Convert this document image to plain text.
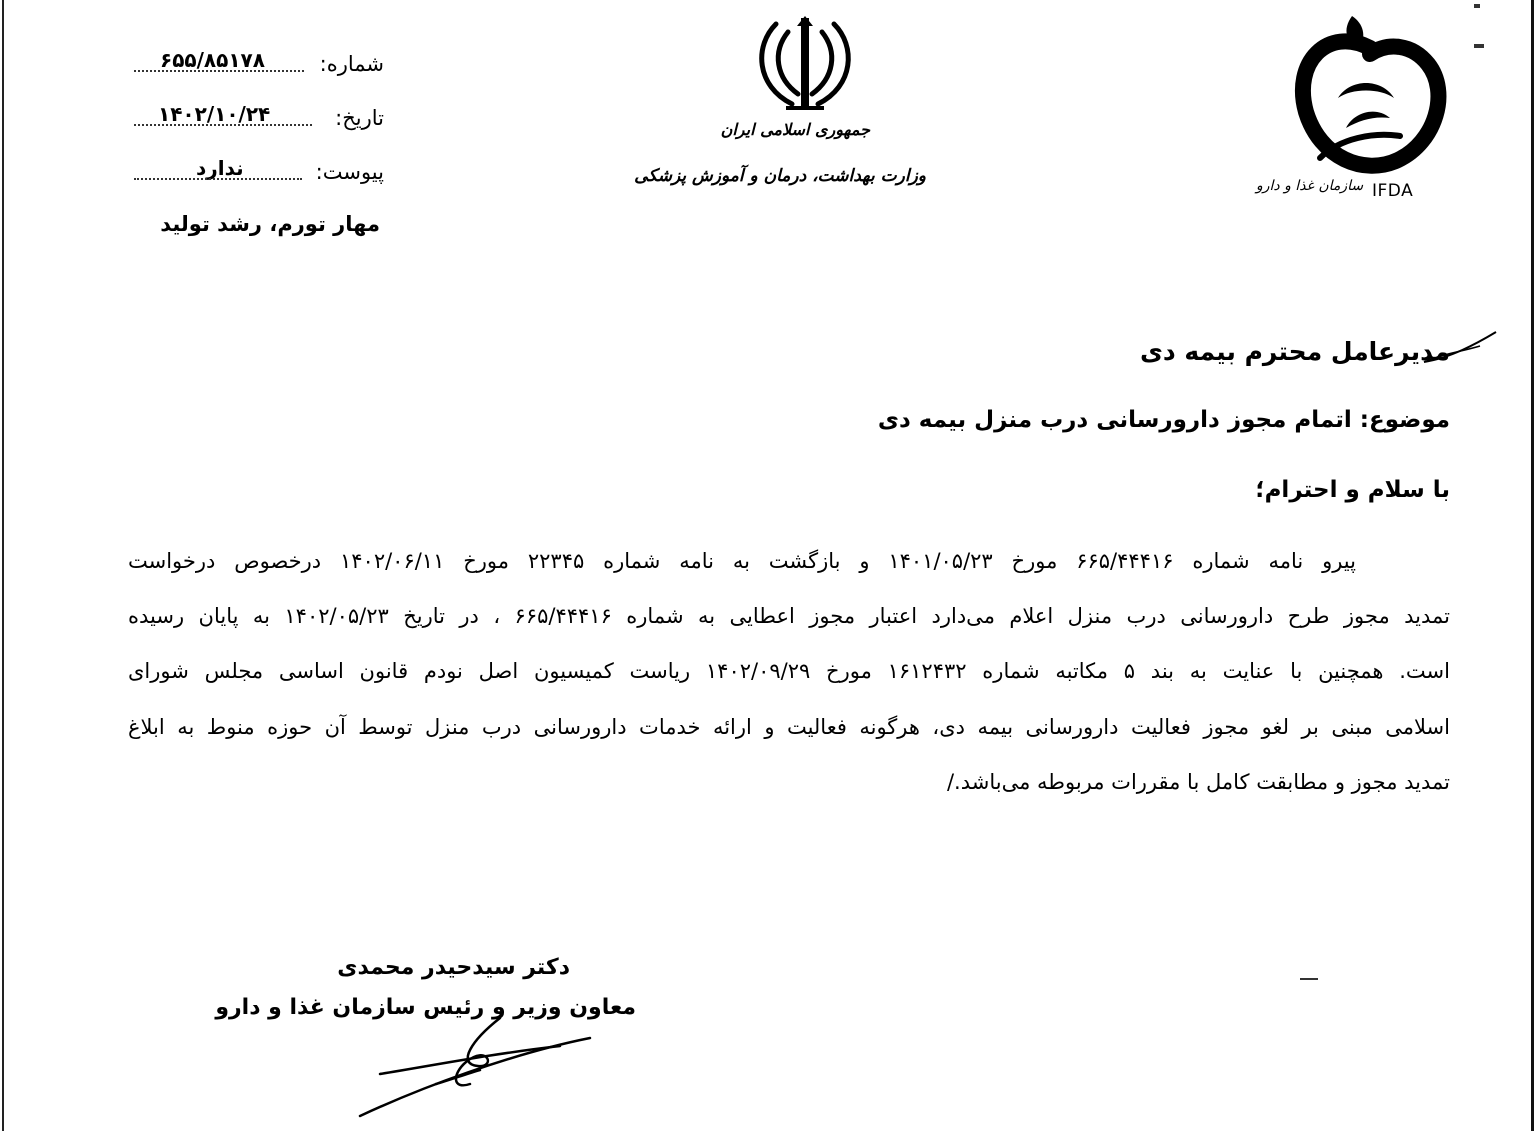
شماره:
۶۵۵/۸۵۱۷۸
تاریخ:
۱۴۰۲/۱۰/۲۴
پیوست:
ندارد
مهار تورم، رشد تولید
جمهوری اسلامی ایران
وزارت بهداشت، درمان و آموزش پزشکی	سازمان غذا و دارو IFDA
مدیرعامل محترم بیمه دی
موضوع: اتمام مجوز دارورسانی درب منزل بیمه دی
با سلام و احترام؛
پیرو نامه شماره ۶۶۵/۴۴۴۱۶ مورخ ۱۴۰۱/۰۵/۲۳ و بازگشت به نامه شماره ۲۲۳۴۵ مورخ ۱۴۰۲/۰۶/۱۱ درخصوص درخواست
تمدید مجوز طرح دارورسانی درب منزل اعلام می‌دارد اعتبار مجوز اعطایی به شماره ۶۶۵/۴۴۴۱۶ ، در تاریخ ۱۴۰۲/۰۵/۲۳ به پایان رسیده
است. همچنین با عنایت به بند ۵ مکاتبه شماره ۱۶۱۲۴۳۲ مورخ ۱۴۰۲/۰۹/۲۹ ریاست کمیسیون اصل نودم قانون اساسی مجلس شورای
اسلامی مبنی بر لغو مجوز فعالیت دارورسانی بیمه دی، هرگونه فعالیت و ارائه خدمات دارورسانی درب منزل توسط آن حوزه منوط به ابلاغ
تمدید مجوز و مطابقت کامل با مقررات مربوطه می‌باشد./
دکتر سیدحیدر محمدی
معاون وزیر و رئیس سازمان غذا و دارو
